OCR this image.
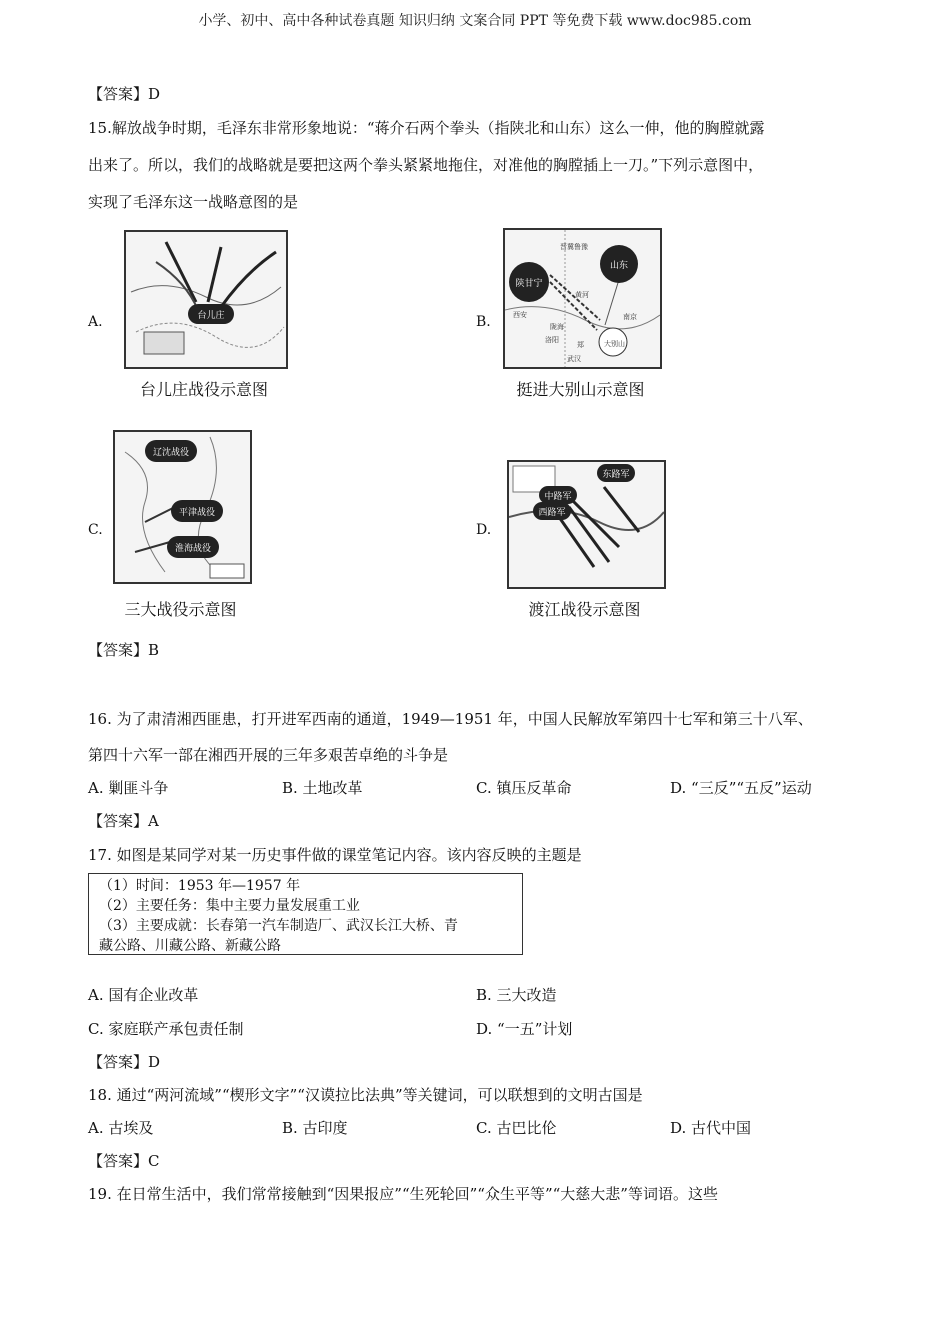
小学、初中、高中各种试卷真题 知识归纳 文案合同 PPT 等免费下载 www.doc985.com
【答案】D
15.解放战争时期，毛泽东非常形象地说：“蒋介石两个拳头（指陕北和山东）这么一伸，他的胸膛就露
出来了。所以，我们的战略就是要把这两个拳头紧紧地拖住，对准他的胸膛插上一刀。”下列示意图中，
实现了毛泽东这一战略意图的是
A.	台儿庄
台儿庄战役示意图
B.
陕甘宁
山东
晋冀鲁豫
西安
陇海
黄河
南京
大别山
洛阳
郑
武汉
挺进大别山示意图
C.
辽沈战役
平津战役
淮海战役
三大战役示意图
D.
东路军
中路军
西路军
渡江战役示意图
【答案】B
16. 为了肃清湘西匪患，打开进军西南的通道，1949—1951 年，中国人民解放军第四十七军和第三十八军、
第四十六军一部在湘西开展的三年多艰苦卓绝的斗争是
A. 剿匪斗争	B. 土地改革	C. 镇压反革命	D. “三反”“五反”运动
【答案】A
17. 如图是某同学对某一历史事件做的课堂笔记内容。该内容反映的主题是
（1）时间：1953 年—1957 年
（2）主要任务：集中主要力量发展重工业
（3）主要成就：长春第一汽车制造厂、武汉长江大桥、青
藏公路、川藏公路、新藏公路
A. 国有企业改革	B. 三大改造
C. 家庭联产承包责任制	D. “一五”计划
【答案】D
18. 通过“两河流域”“楔形文字”“汉谟拉比法典”等关键词，可以联想到的文明古国是
A. 古埃及	B. 古印度	C. 古巴比伦	D. 古代中国
【答案】C
19. 在日常生活中，我们常常接触到“因果报应”“生死轮回”“众生平等”“大慈大悲”等词语。这些
